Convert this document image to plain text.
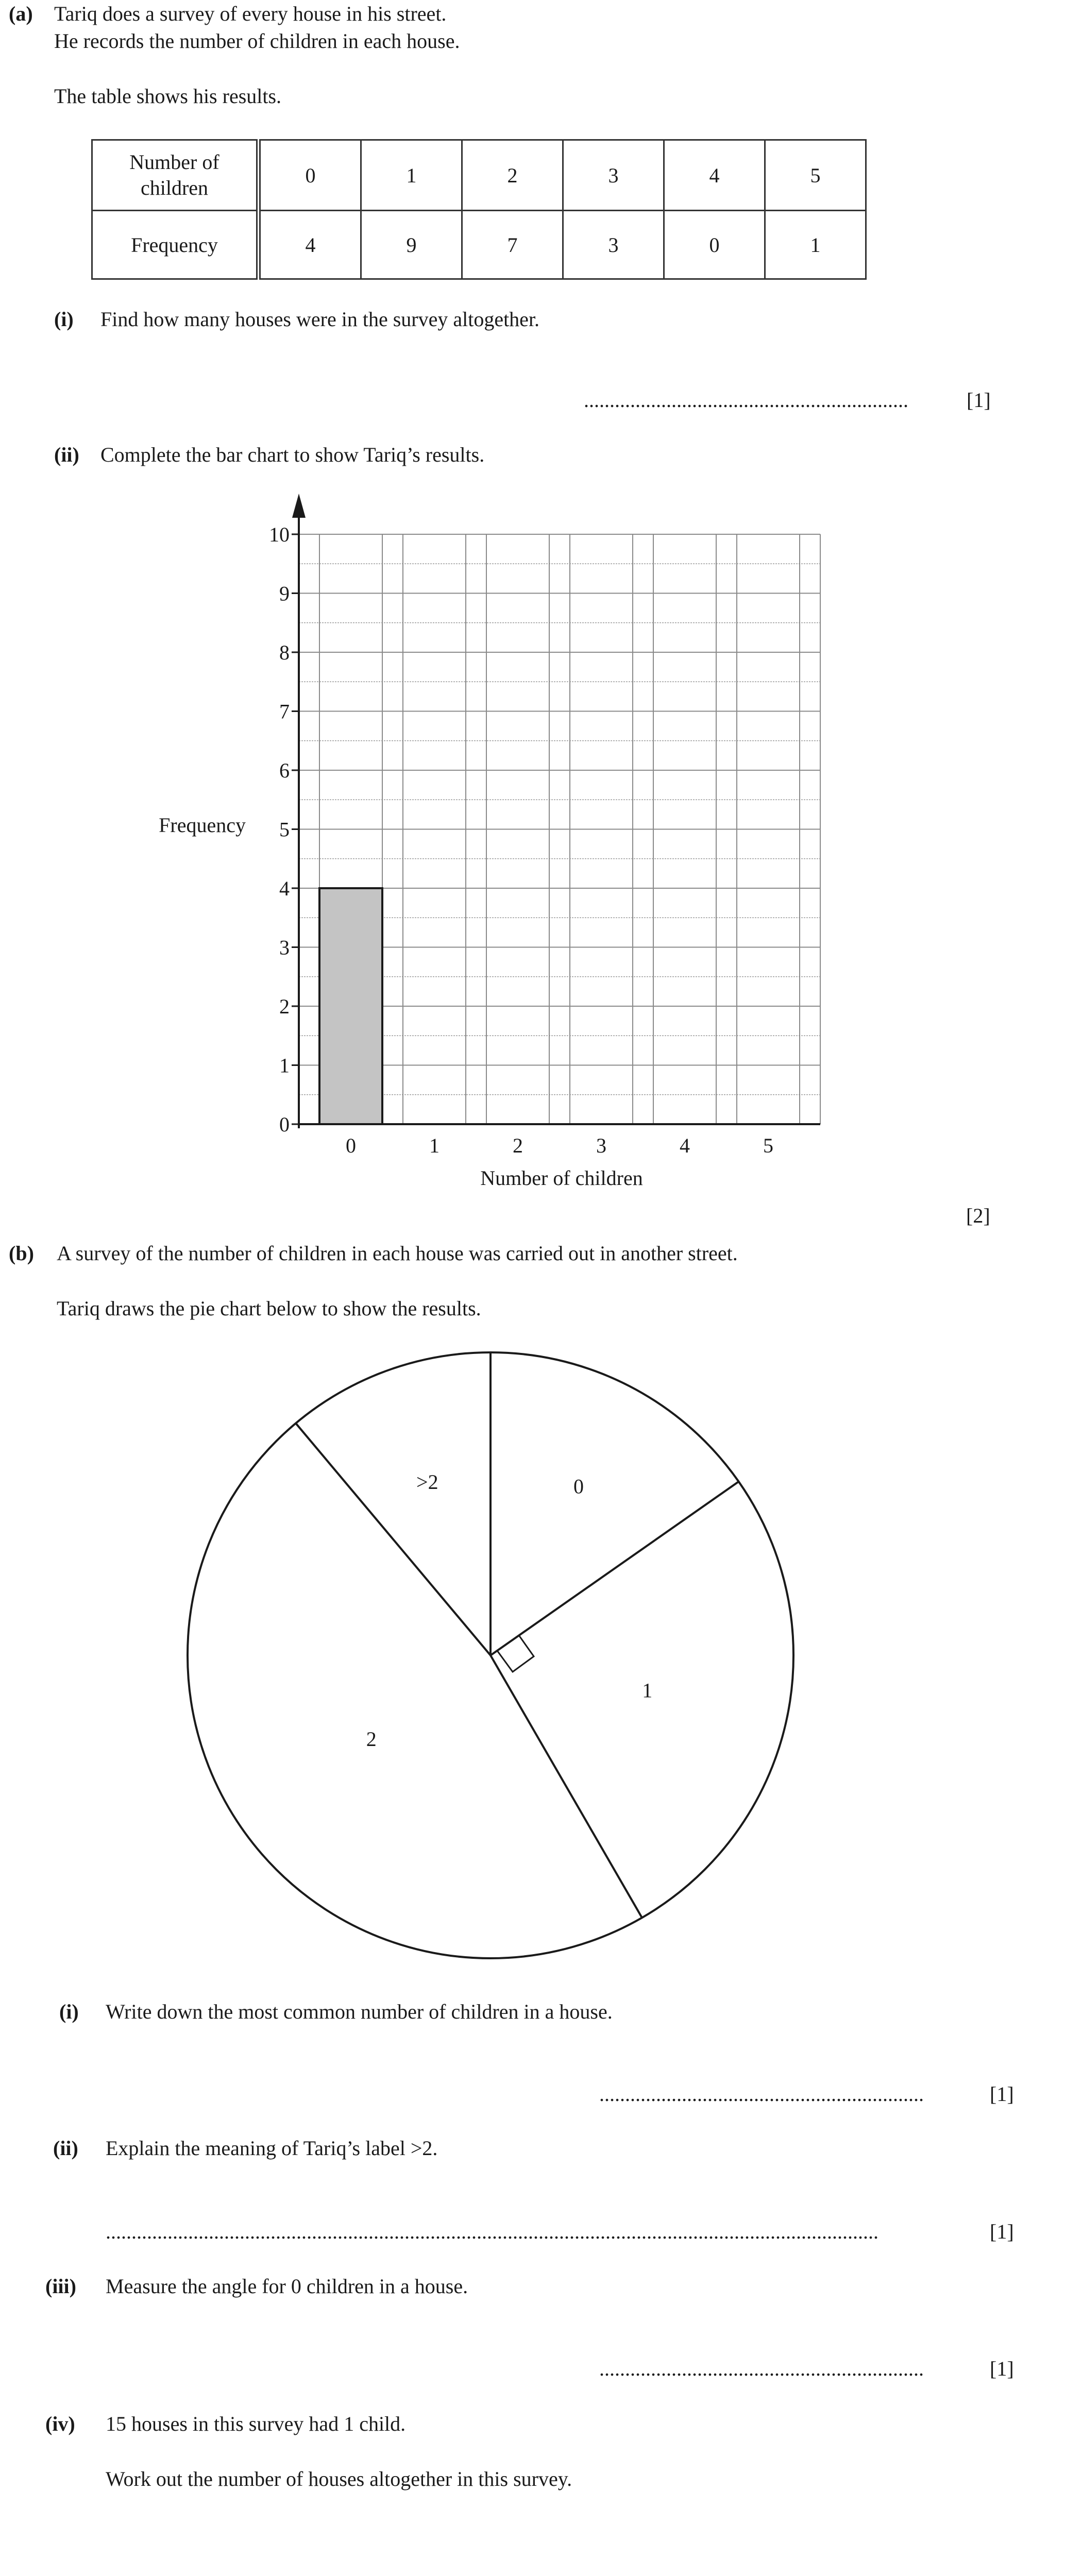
(a) Tariq does a survey of every house in his street.
He records the number of children in each house.
The table shows his results.
Number of
children	0	1	2	3	4	5
Frequency	4	9	7	3	0	1
(i) Find how many houses were in the survey altogether.
...............................................................	[1]
(ii) Complete the bar chart to show Tariq’s results.
0
1
2
3
4
5
6
7
8
9
10
0	1	2	3	4	5
Frequency
Number of children
[2]
(b) A survey of the number of children in each house was carried out in another street.
Tariq draws the pie chart below to show the results.
0
1
2
>2
(i) Write down the most common number of children in a house.
...............................................................	[1]
(ii) Explain the meaning of Tariq’s label >2.
......................................................................................................................................................	[1]
(iii) Measure the angle for 0 children in a house.
...............................................................	[1]
(iv) 15 houses in this survey had 1 child.
Work out the number of houses altogether in this survey.
